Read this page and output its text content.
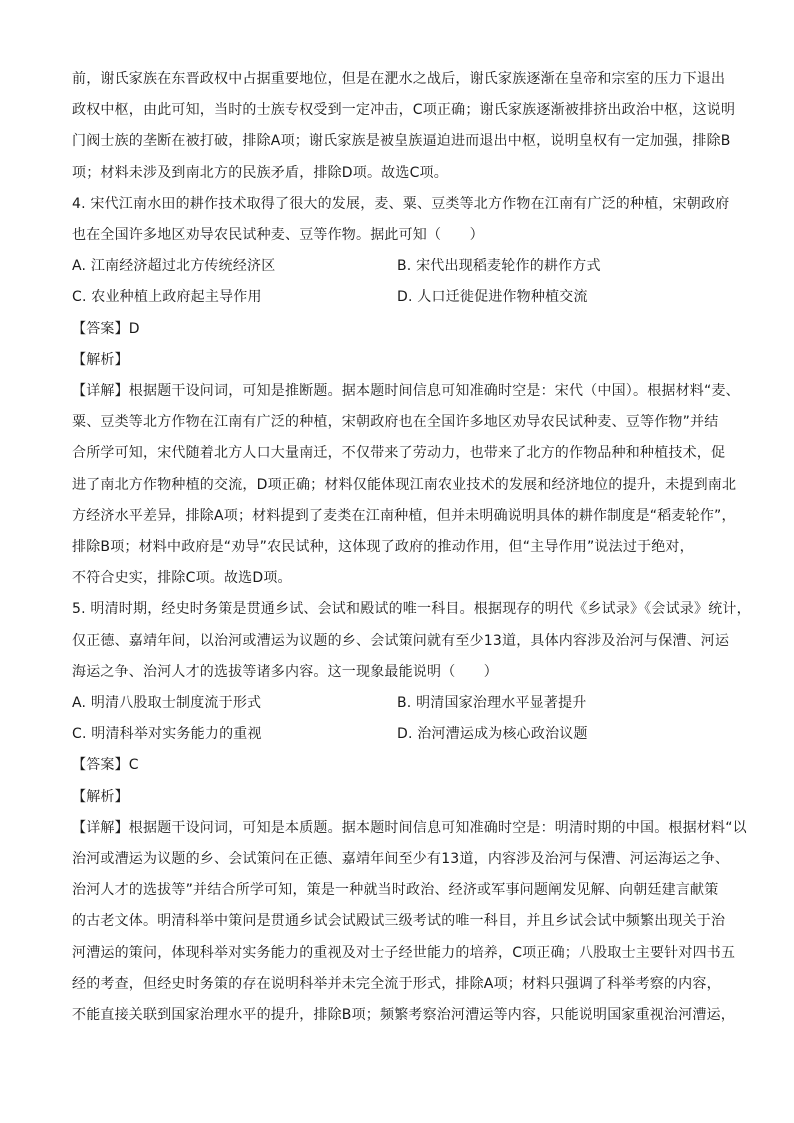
前，谢氏家族在东晋政权中占据重要地位，但是在淝水之战后，谢氏家族逐渐在皇帝和宗室的压力下退出

政权中枢，由此可知，当时的士族专权受到一定冲击，C项正确；谢氏家族逐渐被排挤出政治中枢，这说明

门阀士族的垄断在被打破，排除A项；谢氏家族是被皇族逼迫进而退出中枢，说明皇权有一定加强，排除B

项；材料未涉及到南北方的民族矛盾，排除D项。故选C项。

4. 宋代江南水田的耕作技术取得了很大的发展，麦、粟、豆类等北方作物在江南有广泛的种植，宋朝政府

也在全国许多地区劝导农民试种麦、豆等作物。据此可知（　　）

A. 江南经济超过北方传统经济区	B. 宋代出现稻麦轮作的耕作方式
C. 农业种植上政府起主导作用	D. 人口迁徙促进作物种植交流

【答案】D

【解析】

【详解】根据题干设问词，可知是推断题。据本题时间信息可知准确时空是：宋代（中国）。根据材料“麦、

粟、豆类等北方作物在江南有广泛的种植，宋朝政府也在全国许多地区劝导农民试种麦、豆等作物”并结

合所学可知，宋代随着北方人口大量南迁，不仅带来了劳动力，也带来了北方的作物品种和种植技术，促

进了南北方作物种植的交流，D项正确；材料仅能体现江南农业技术的发展和经济地位的提升，未提到南北

方经济水平差异，排除A项；材料提到了麦类在江南种植，但并未明确说明具体的耕作制度是“稻麦轮作”，

排除B项；材料中政府是“劝导”农民试种，这体现了政府的推动作用，但“主导作用”说法过于绝对，

不符合史实，排除C项。故选D项。

5. 明清时期，经史时务策是贯通乡试、会试和殿试的唯一科目。根据现存的明代《乡试录》《会试录》统计，

仅正德、嘉靖年间，以治河或漕运为议题的乡、会试策问就有至少13道，具体内容涉及治河与保漕、河运

海运之争、治河人才的选拔等诸多内容。这一现象最能说明（　　）

A. 明清八股取士制度流于形式	B. 明清国家治理水平显著提升
C. 明清科举对实务能力的重视	D. 治河漕运成为核心政治议题

【答案】C

【解析】

【详解】根据题干设问词，可知是本质题。据本题时间信息可知准确时空是：明清时期的中国。根据材料“以

治河或漕运为议题的乡、会试策问在正德、嘉靖年间至少有13道，内容涉及治河与保漕、河运海运之争、

治河人才的选拔等”并结合所学可知，策是一种就当时政治、经济或军事问题阐发见解、向朝廷建言献策

的古老文体。明清科举中策问是贯通乡试会试殿试三级考试的唯一科目，并且乡试会试中频繁出现关于治

河漕运的策问，体现科举对实务能力的重视及对士子经世能力的培养，C项正确；八股取士主要针对四书五

经的考查，但经史时务策的存在说明科举并未完全流于形式，排除A项；材料只强调了科举考察的内容，

不能直接关联到国家治理水平的提升，排除B项；频繁考察治河漕运等内容，只能说明国家重视治河漕运，
